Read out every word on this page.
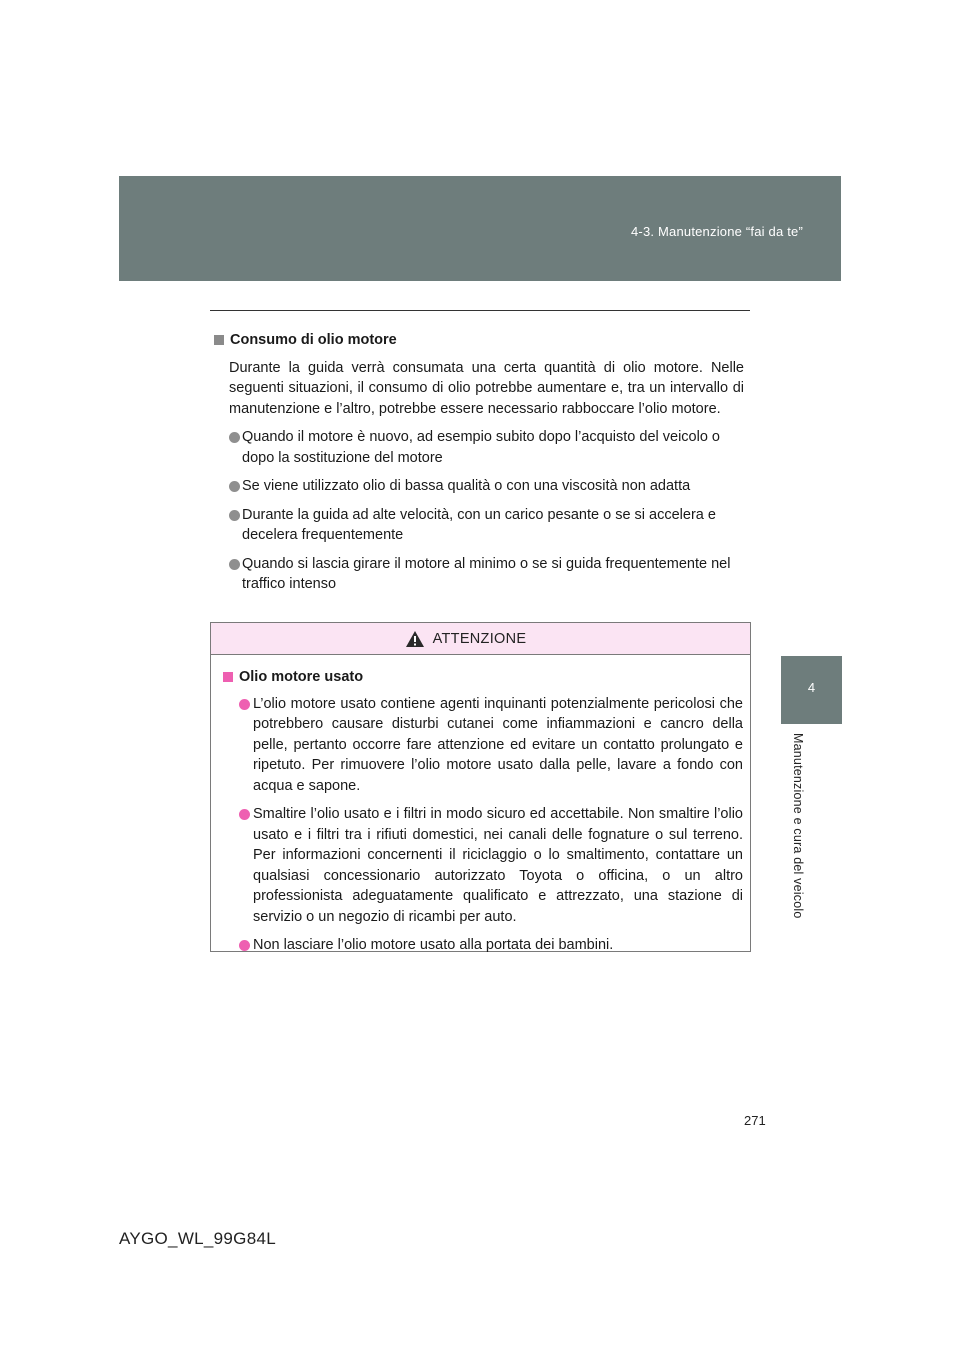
4-3. Manutenzione “fai da te”
4
Manutenzione e cura del veicolo
Consumo di olio motore

Durante la guida verrà consumata una certa quantità di olio motore. Nelle seguenti situazioni, il consumo di olio potrebbe aumentare e, tra un intervallo di manutenzione e l’altro, potrebbe essere necessario rabboccare l’olio motore.

Quando il motore è nuovo, ad esempio subito dopo l’acquisto del veicolo o dopo la sostituzione del motore
Se viene utilizzato olio di bassa qualità o con una viscosità non adatta
Durante la guida ad alte velocità, con un carico pesante o se si accelera e decelera frequentemente
Quando si lascia girare il motore al minimo o se si guida frequentemente nel traffico intenso
ATTENZIONE
Olio motore usato
L’olio motore usato contiene agenti inquinanti potenzialmente pericolosi che potrebbero causare disturbi cutanei come infiammazioni e cancro della pelle, pertanto occorre fare attenzione ed evitare un contatto prolungato e ripetuto. Per rimuovere l’olio motore usato dalla pelle, lavare a fondo con acqua e sapone.
Smaltire l’olio usato e i filtri in modo sicuro ed accettabile. Non smaltire l’olio usato e i filtri tra i rifiuti domestici, nei canali delle fognature o sul terreno. Per informazioni concernenti il riciclaggio o lo smaltimento, contattare un qualsiasi concessionario autorizzato Toyota o officina, o un altro professionista adeguatamente qualificato e attrezzato, una stazione di servizio o un negozio di ricambi per auto.
Non lasciare l’olio motore usato alla portata dei bambini.
271
AYGO_WL_99G84L
